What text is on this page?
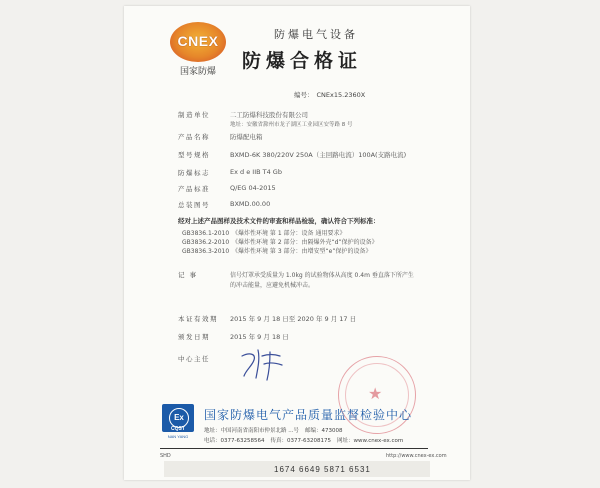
CNEX
国家防爆
防爆电气设备
防爆合格证
编号： CNEx15.2360X
制造单位	二工防爆科技股份有限公司
地址：安徽省滁州市龙子湖区工业园区安等路 8 号
产品名称	防爆配电箱
型号规格	BXMD-6K 380/220V 250A（主回路电流）100A(支路电流)
防爆标志	Ex d e IIB T4 Gb
产品标准	Q/EG 04-2015
总装图号	BXMD.00.00
经对上述产品图样及技术文件的审查和样品检验，确认符合下列标准：
GB3836.1-2010 《爆炸性环境 第 1 部分：设备 通用要求》
GB3836.2-2010 《爆炸性环境 第 2 部分：由隔爆外壳“d”保护的设备》
GB3836.3-2010 《爆炸性环境 第 3 部分：由增安型“e”保护的设备》
记 事	信号灯罩承受质量为 1.0kg 的试验物体从高度 0.4m 垂直落下所产生
的冲击能量，应避免机械冲击。
本证有效期	2015 年 9 月 18 日至 2020 年 9 月 17 日
颁发日期	2015 年 9 月 18 日
中心主任
★
Ex
CQST
NAN YANG
国家防爆电气产品质量监督检验中心
地址：中国河南省南阳市仲景北路 ...号 邮编：473008
电话：0377-63258564 传真：0377-63208175 网址：www.cnex-ex.com
SHD	http://www.cnex-ex.com
1674 6649 5871 6531
